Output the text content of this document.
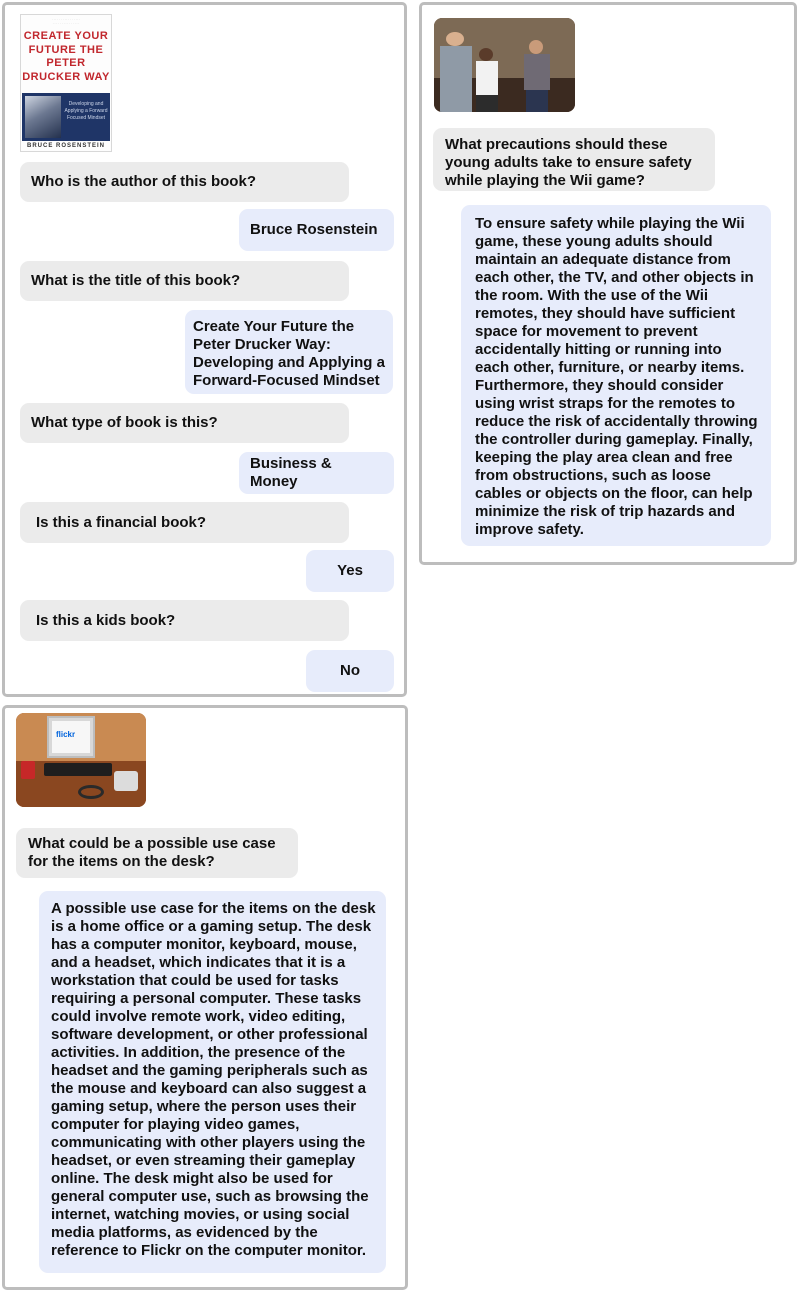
· · · · · · · · · · · · · · · ·
· · · · · · · · · · · · · · ·
CREATE YOUR FUTURE THE PETER DRUCKER WAY
Developing and Applying a Forward Focused Mindset
BRUCE ROSENSTEIN
Who is the author of this book?
Bruce Rosenstein
What is the title of this book?
Create Your Future the Peter Drucker Way: Developing and Applying a Forward-Focused Mindset
What type of book is this?
Business & Money
Is this a financial book?
Yes
Is this a kids book?
No
What precautions should these young adults take to ensure safety while playing the Wii game?
To ensure safety while playing the Wii game, these young adults should maintain an adequate distance from each other, the TV, and other objects in the room. With the use of the Wii remotes, they should have sufficient space for movement to prevent accidentally hitting or running into each other, furniture, or nearby items. Furthermore, they should consider using wrist straps for the remotes to reduce the risk of accidentally throwing the controller during gameplay. Finally, keeping the play area clean and free from obstructions, such as loose cables or objects on the floor, can help minimize the risk of trip hazards and improve safety.
flickr
What could be a possible use case for the items on the desk?
A possible use case for the items on the desk is a home office or a gaming setup. The desk has a computer monitor, keyboard, mouse, and a headset, which indicates that it is a workstation that could be used for tasks requiring a personal computer. These tasks could involve remote work, video editing, software development, or other professional activities. In addition, the presence of the headset and the gaming peripherals such as the mouse and keyboard can also suggest a gaming setup, where the person uses their computer for playing video games, communicating with other players using the headset, or even streaming their gameplay online. The desk might also be used for general computer use, such as browsing the internet, watching movies, or using social media platforms, as evidenced by the reference to Flickr on the computer monitor.
